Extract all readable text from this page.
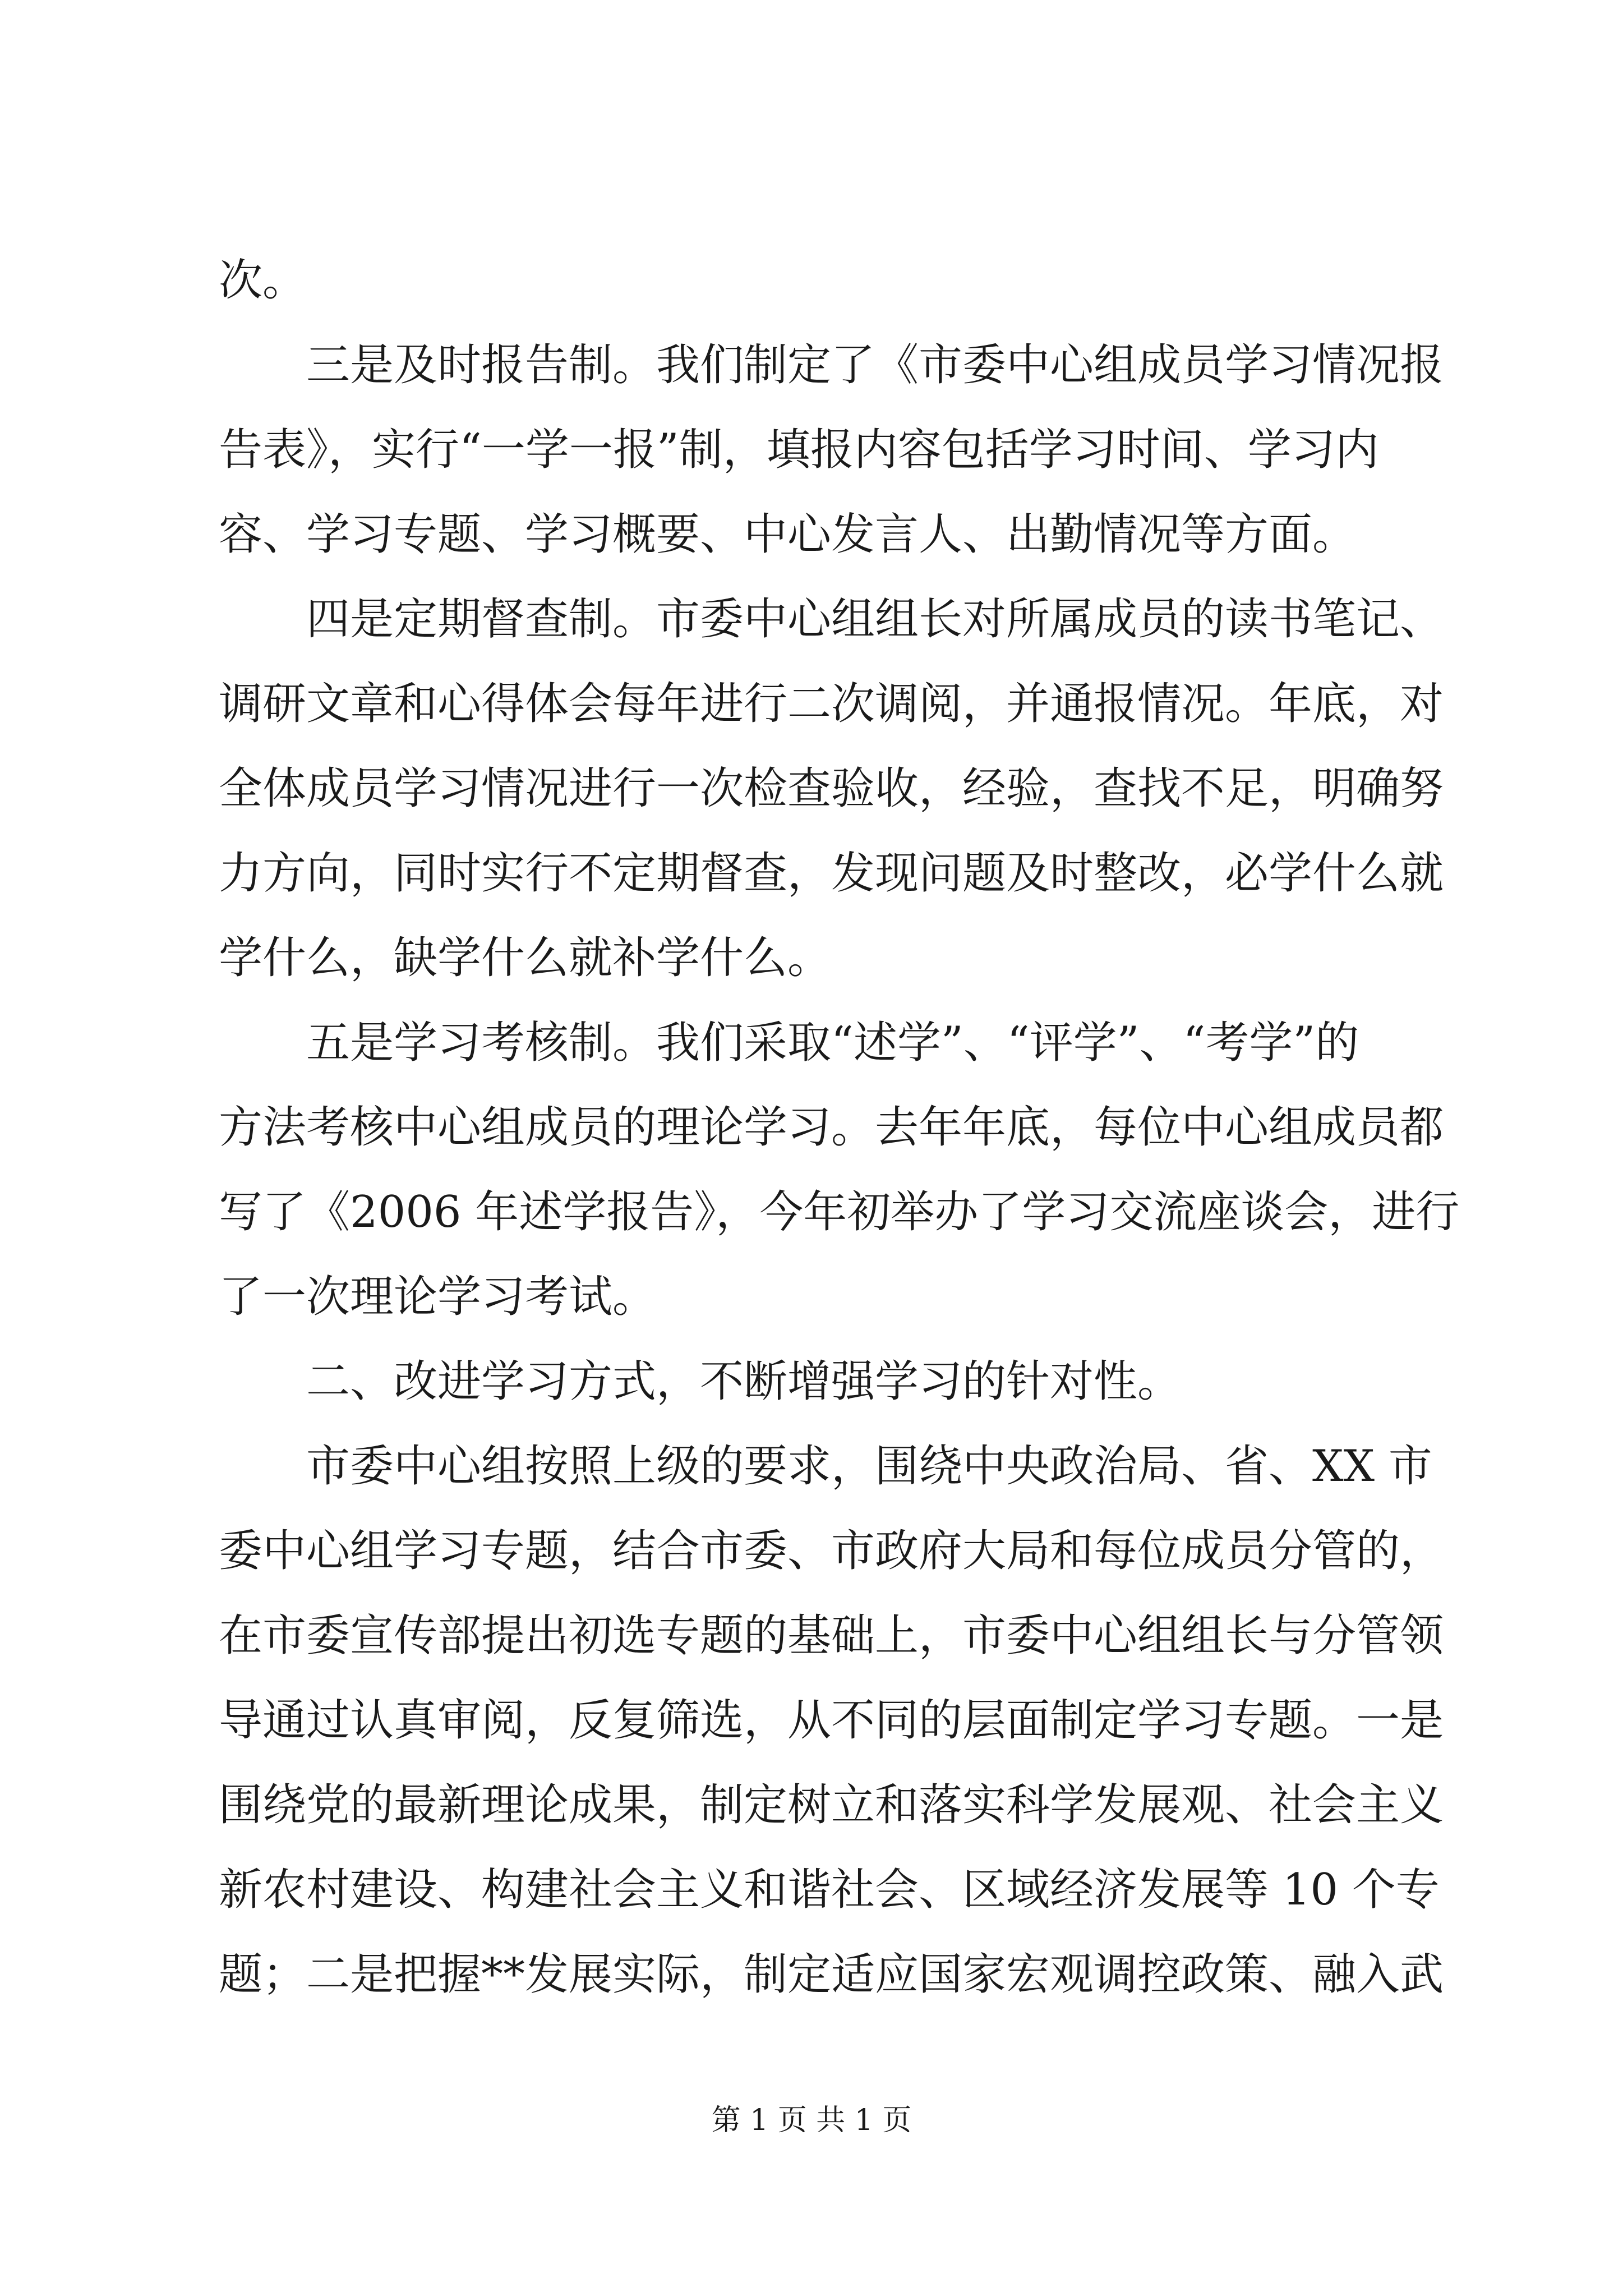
次。
　　三是及时报告制。我们制定了《市委中心组成员学习情况报
告表》，实行“一学一报”制，填报内容包括学习时间、学习内
容、学习专题、学习概要、中心发言人、出勤情况等方面。
　　四是定期督查制。市委中心组组长对所属成员的读书笔记、
调研文章和心得体会每年进行二次调阅，并通报情况。年底，对
全体成员学习情况进行一次检查验收，经验，查找不足，明确努
力方向，同时实行不定期督查，发现问题及时整改，必学什么就
学什么，缺学什么就补学什么。
　　五是学习考核制。我们采取“述学”、“评学”、“考学”的
方法考核中心组成员的理论学习。去年年底，每位中心组成员都
写了《2006 年述学报告》，今年初举办了学习交流座谈会，进行
了一次理论学习考试。
　　二、改进学习方式，不断增强学习的针对性。
　　市委中心组按照上级的要求，围绕中央政治局、省、XX 市
委中心组学习专题，结合市委、市政府大局和每位成员分管的，
在市委宣传部提出初选专题的基础上，市委中心组组长与分管领
导通过认真审阅，反复筛选，从不同的层面制定学习专题。一是
围绕党的最新理论成果，制定树立和落实科学发展观、社会主义
新农村建设、构建社会主义和谐社会、区域经济发展等 10 个专
题；二是把握**发展实际，制定适应国家宏观调控政策、融入武
第 1 页 共 1 页
